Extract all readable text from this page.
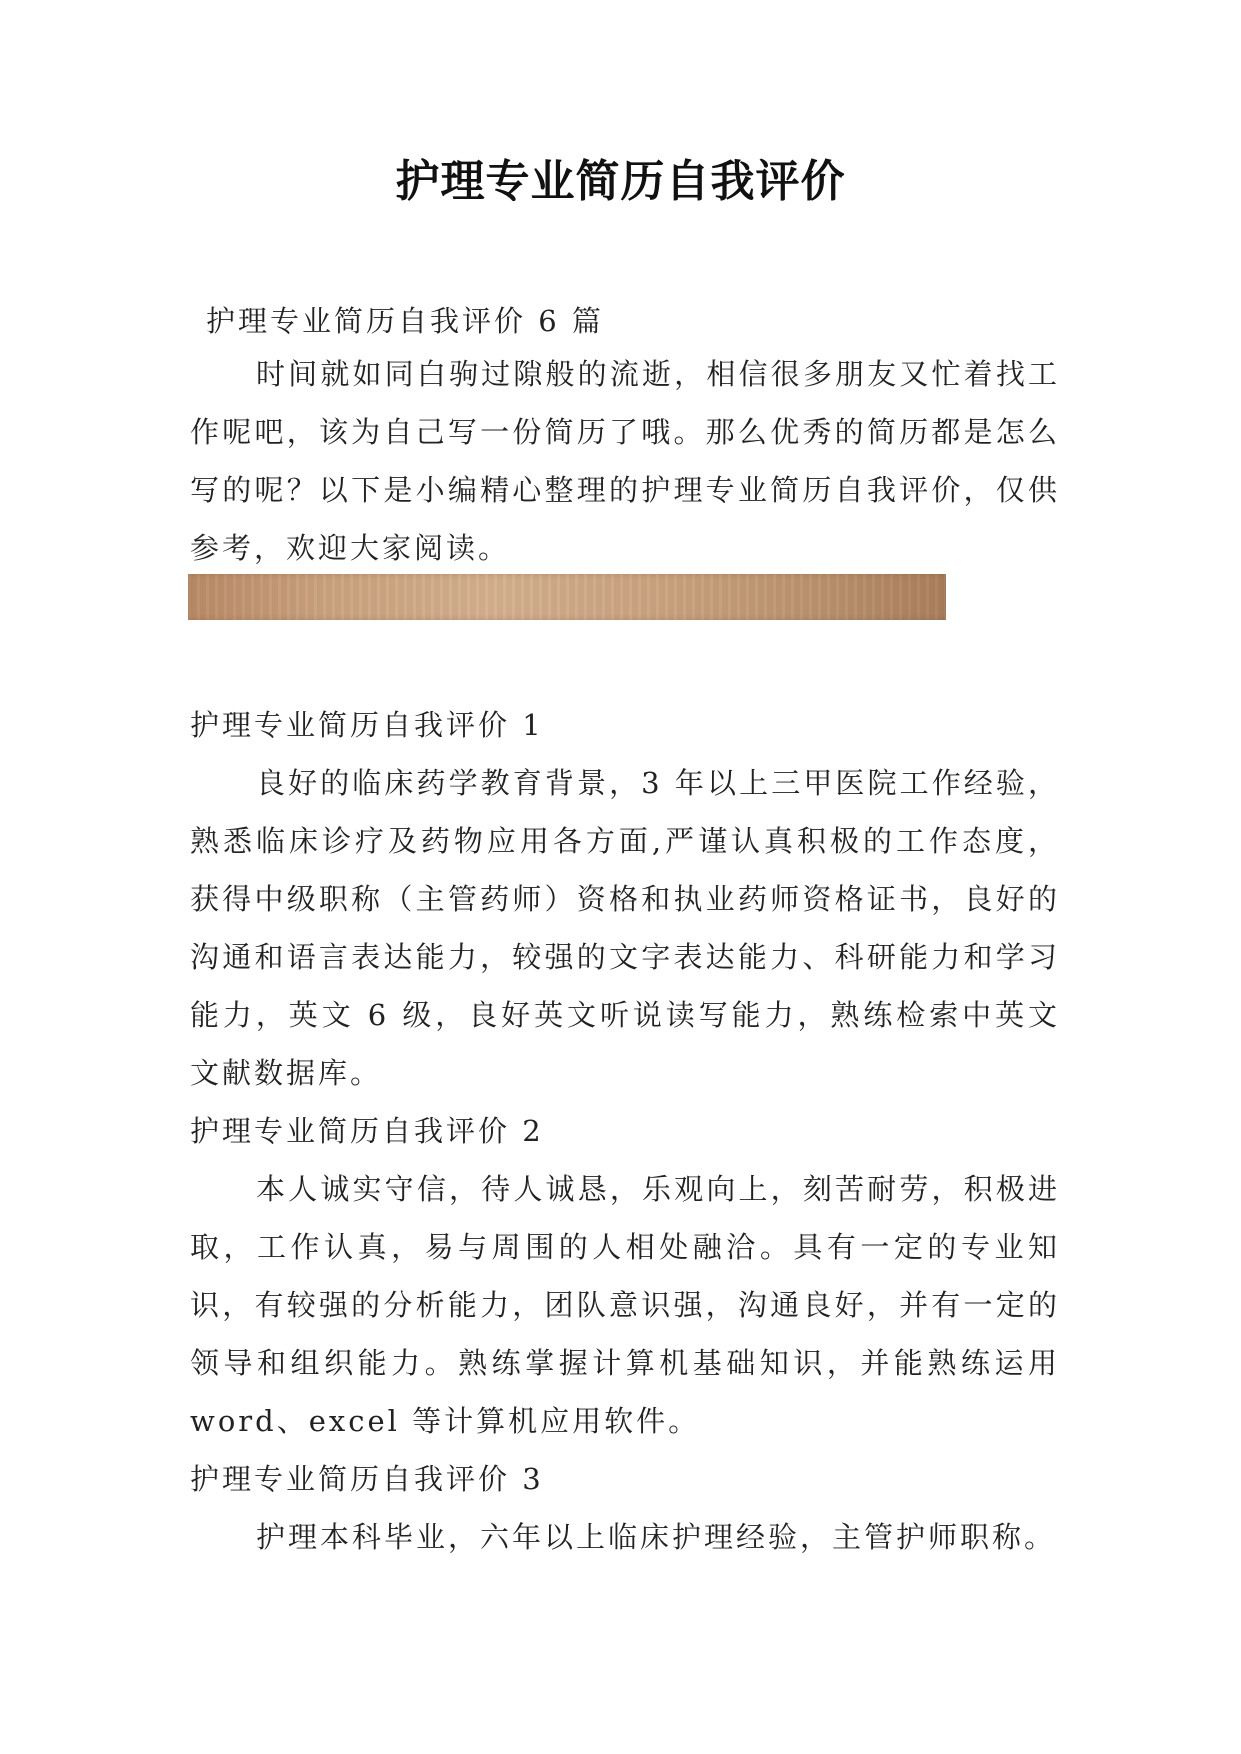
护理专业简历自我评价
护理专业简历自我评价 6 篇

时间就如同白驹过隙般的流逝，相信很多朋友又忙着找工作呢吧，该为自己写一份简历了哦。那么优秀的简历都是怎么写的呢？以下是小编精心整理的护理专业简历自我评价，仅供参考，欢迎大家阅读。

护理专业简历自我评价 1

良好的临床药学教育背景，3 年以上三甲医院工作经验，熟悉临床诊疗及药物应用各方面,严谨认真积极的工作态度，获得中级职称（主管药师）资格和执业药师资格证书，良好的沟通和语言表达能力，较强的文字表达能力、科研能力和学习能力，英文 6 级，良好英文听说读写能力，熟练检索中英文文献数据库。

护理专业简历自我评价 2

本人诚实守信，待人诚恳，乐观向上，刻苦耐劳，积极进取，工作认真，易与周围的人相处融洽。具有一定的专业知识，有较强的分析能力，团队意识强，沟通良好，并有一定的领导和组织能力。熟练掌握计算机基础知识，并能熟练运用 word、excel 等计算机应用软件。

护理专业简历自我评价 3

护理本科毕业，六年以上临床护理经验，主管护师职称。
